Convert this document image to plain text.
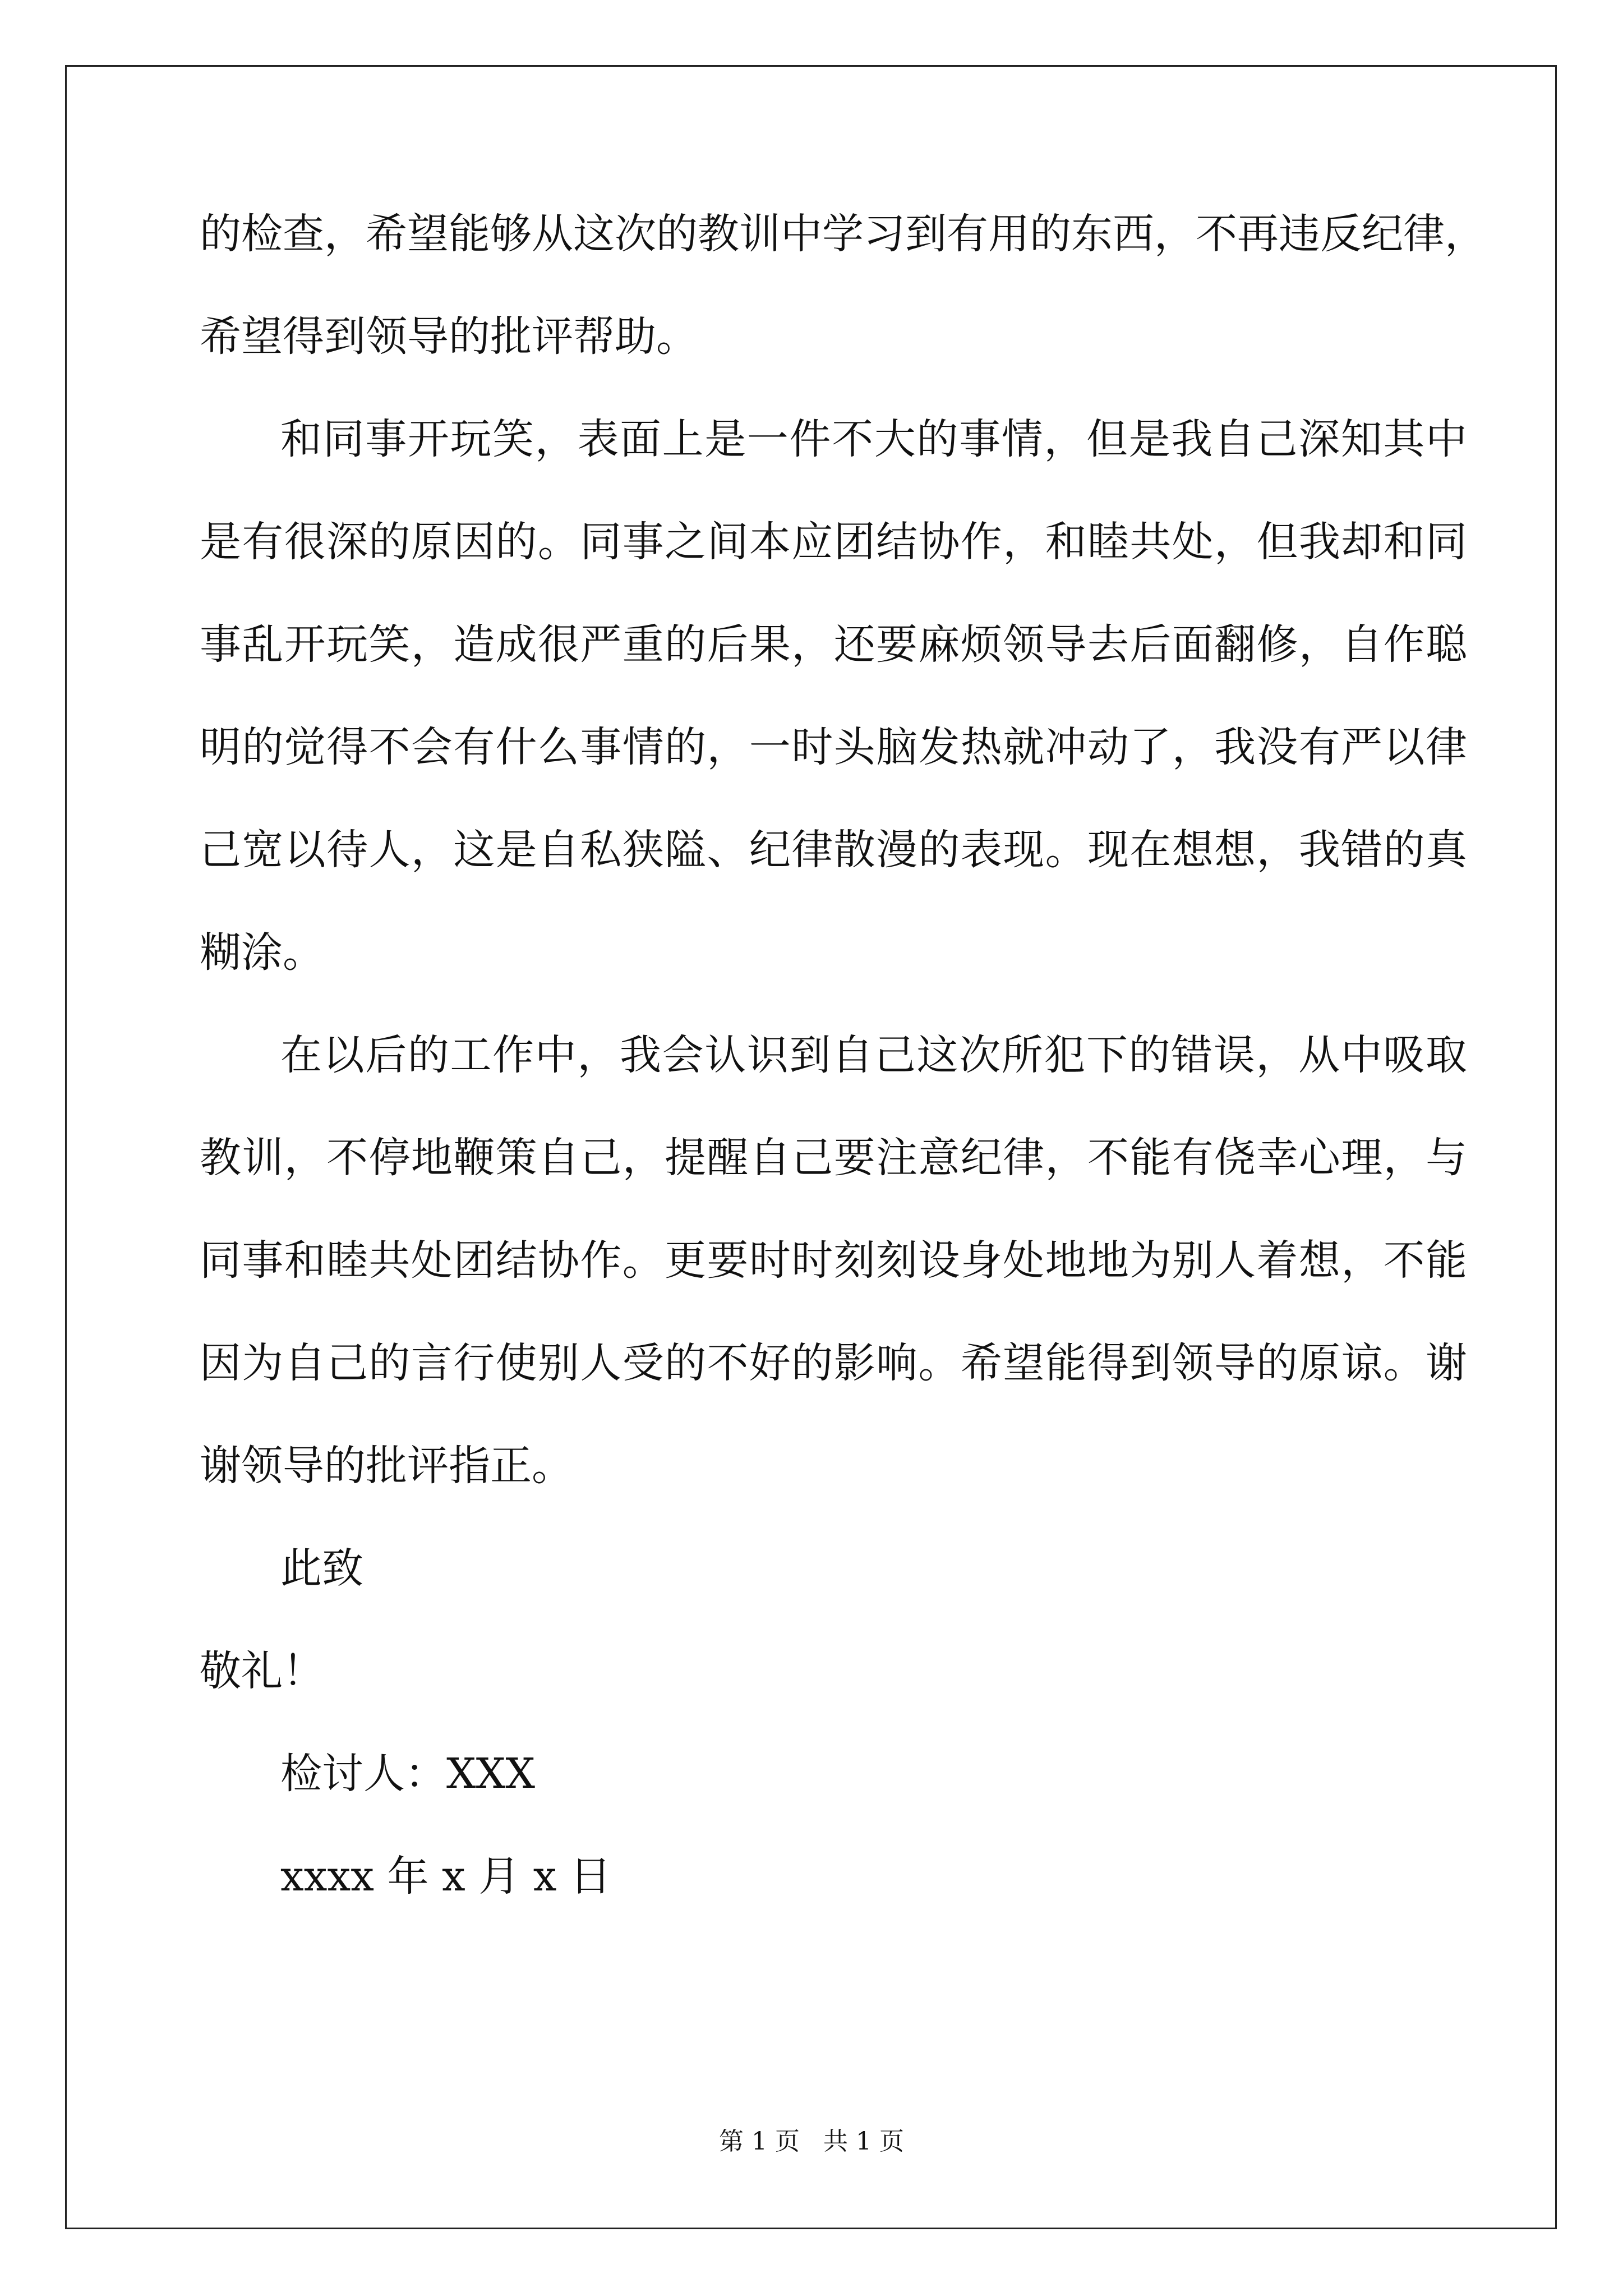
的检查，希望能够从这次的教训中学习到有用的东西，不再违反纪律，
希望得到领导的批评帮助。
和同事开玩笑，表面上是一件不大的事情，但是我自己深知其中
是有很深的原因的。同事之间本应团结协作，和睦共处，但我却和同
事乱开玩笑，造成很严重的后果，还要麻烦领导去后面翻修，自作聪
明的觉得不会有什么事情的，一时头脑发热就冲动了，我没有严以律
己宽以待人，这是自私狭隘、纪律散漫的表现。现在想想，我错的真
糊涂。
在以后的工作中，我会认识到自己这次所犯下的错误，从中吸取
教训，不停地鞭策自己，提醒自己要注意纪律，不能有侥幸心理，与
同事和睦共处团结协作。更要时时刻刻设身处地地为别人着想，不能
因为自己的言行使别人受的不好的影响。希望能得到领导的原谅。谢
谢领导的批评指正。
此致
敬礼！
检讨人：XXX
xxxx 年 x 月 x 日
第 1 页   共 1 页
